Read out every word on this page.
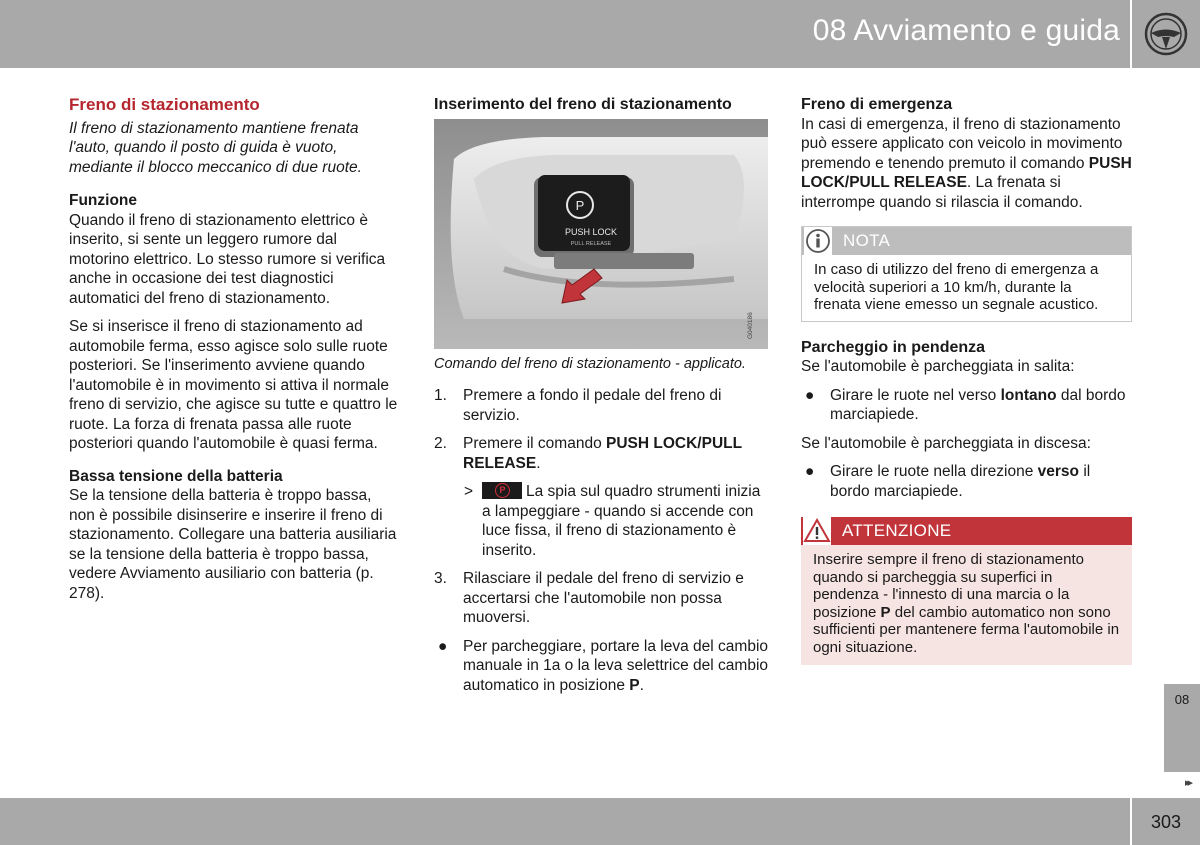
08 Avviamento e guida
Freno di stazionamento

Il freno di stazionamento mantiene frenata l'auto, quando il posto di guida è vuoto, mediante il blocco meccanico di due ruote.

Funzione

Quando il freno di stazionamento elettrico è inserito, si sente un leggero rumore dal motorino elettrico. Lo stesso rumore si verifica anche in occasione dei test diagnostici automatici del freno di stazionamento.

Se si inserisce il freno di stazionamento ad automobile ferma, esso agisce solo sulle ruote posteriori. Se l'inserimento avviene quando l'automobile è in movimento si attiva il normale freno di servizio, che agisce su tutte e quattro le ruote. La forza di frenata passa alle ruote posteriori quando l'automobile è quasi ferma.

Bassa tensione della batteria

Se la tensione della batteria è troppo bassa, non è possibile disinserire e inserire il freno di stazionamento. Collegare una batteria ausiliaria se la tensione della batteria è troppo bassa, vedere Avviamento ausiliario con batteria (p. 278).

Inserimento del freno di stazionamento
P
PUSH LOCK
PULL RELEASE
G040186
Comando del freno di stazionamento - applicato.
1. Premere a fondo il pedale del freno di servizio.
2. Premere il comando PUSH LOCK/PULL RELEASE.
>	P La spia sul quadro strumenti inizia a lampeggiare - quando si accende con luce fissa, il freno di stazionamento è inserito.
3. Rilasciare il pedale del freno di servizio e accertarsi che l'automobile non possa muoversi.
● Per parcheggiare, portare la leva del cambio manuale in 1a o la leva selettrice del cambio automatico in posizione P.
Freno di emergenza

In casi di emergenza, il freno di stazionamento può essere applicato con veicolo in movimento premendo e tenendo premuto il comando PUSH LOCK/PULL RELEASE. La frenata si interrompe quando si rilascia il comando.

NOTA
In caso di utilizzo del freno di emergenza a velocità superiori a 10 km/h, durante la frenata viene emesso un segnale acustico.
Parcheggio in pendenza

Se l'automobile è parcheggiata in salita:

● Girare le ruote nel verso lontano dal bordo marciapiede.

Se l'automobile è parcheggiata in discesa:

● Girare le ruote nella direzione verso il bordo marciapiede.
ATTENZIONE
Inserire sempre il freno di stazionamento quando si parcheggia su superfici in pendenza - l'innesto di una marcia o la posizione P del cambio automatico non sono sufficienti per mantenere ferma l'automobile in ogni situazione.
08
▸▸
303
